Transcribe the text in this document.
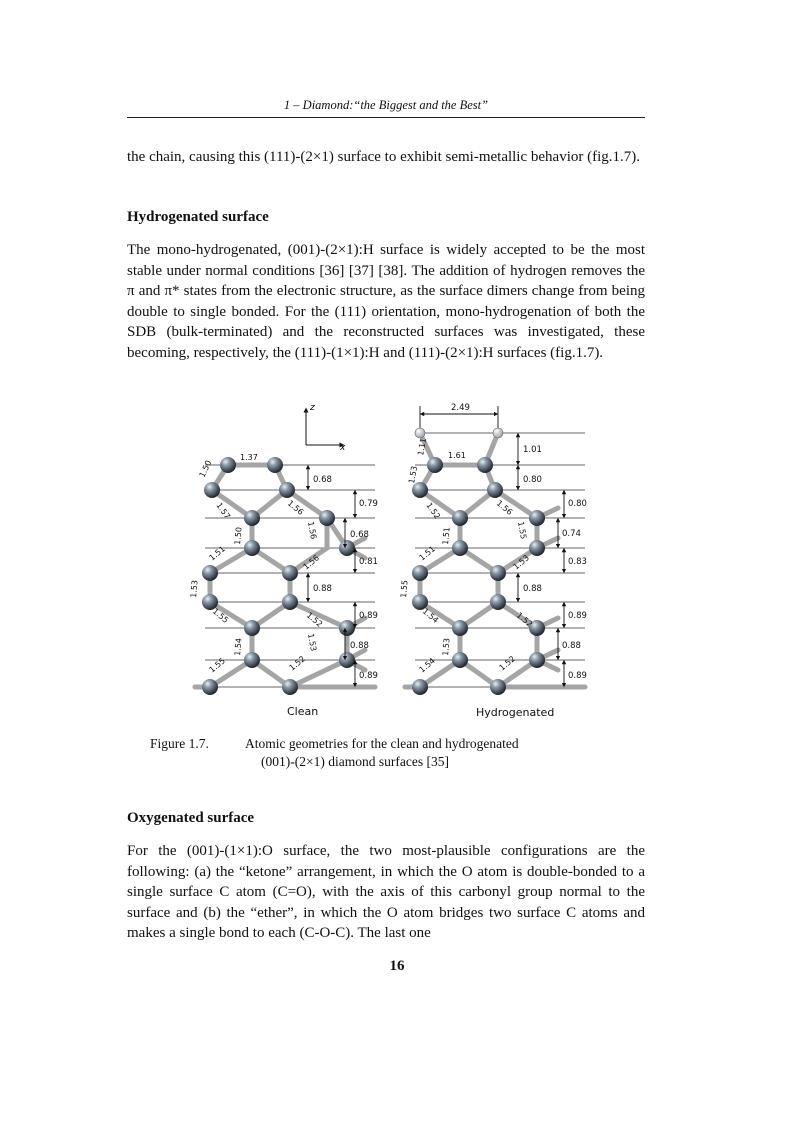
1 – Diamond:“the Biggest and the Best”

the chain, causing this (111)-(2×1) surface to exhibit semi-metallic behavior (fig.1.7).

Hydrogenated surface

The mono-hydrogenated, (001)-(2×1):H surface is widely accepted to be the most stable under normal conditions [36] [37] [38]. The addition of hydrogen removes the π and π* states from the electronic structure, as the surface dimers change from being double to single bonded. For the (111) orientation, mono-hydrogenation of both the SDB (bulk-terminated) and the reconstructed surfaces was investigated, these becoming, respectively, the (111)-(1×1):H and (111)-(2×1):H surfaces (fig.1.7).

z
x
0.68
0.79
0.68
0.81
0.88
0.89
0.88
0.89
1.37
1.50
1.57	1.56
1.50	1.56
1.51	1.56
1.53
1.55	1.52
1.54	1.53
1.55	1.52
Clean
2.49
1.01
0.80
0.80
0.74
0.83
0.88
0.89
0.88
0.89
1.61
1.11
1.53
1.52	1.56
1.51	1.55
1.51	1.53
1.55
1.54	1.52
1.53
1.54	1.52
Hydrogenated
Figure 1.7.	Atomic geometries for the clean and hydrogenated
(001)-(2×1) diamond surfaces [35]
Oxygenated surface

For the (001)-(1×1):O surface, the two most-plausible configurations are the following: (a) the “ketone” arrangement, in which the O atom is double-bonded to a single surface C atom (C=O), with the axis of this carbonyl group normal to the surface and (b) the “ether”, in which the O atom bridges two surface C atoms and makes a single bond to each (C-O-C). The last one

16
